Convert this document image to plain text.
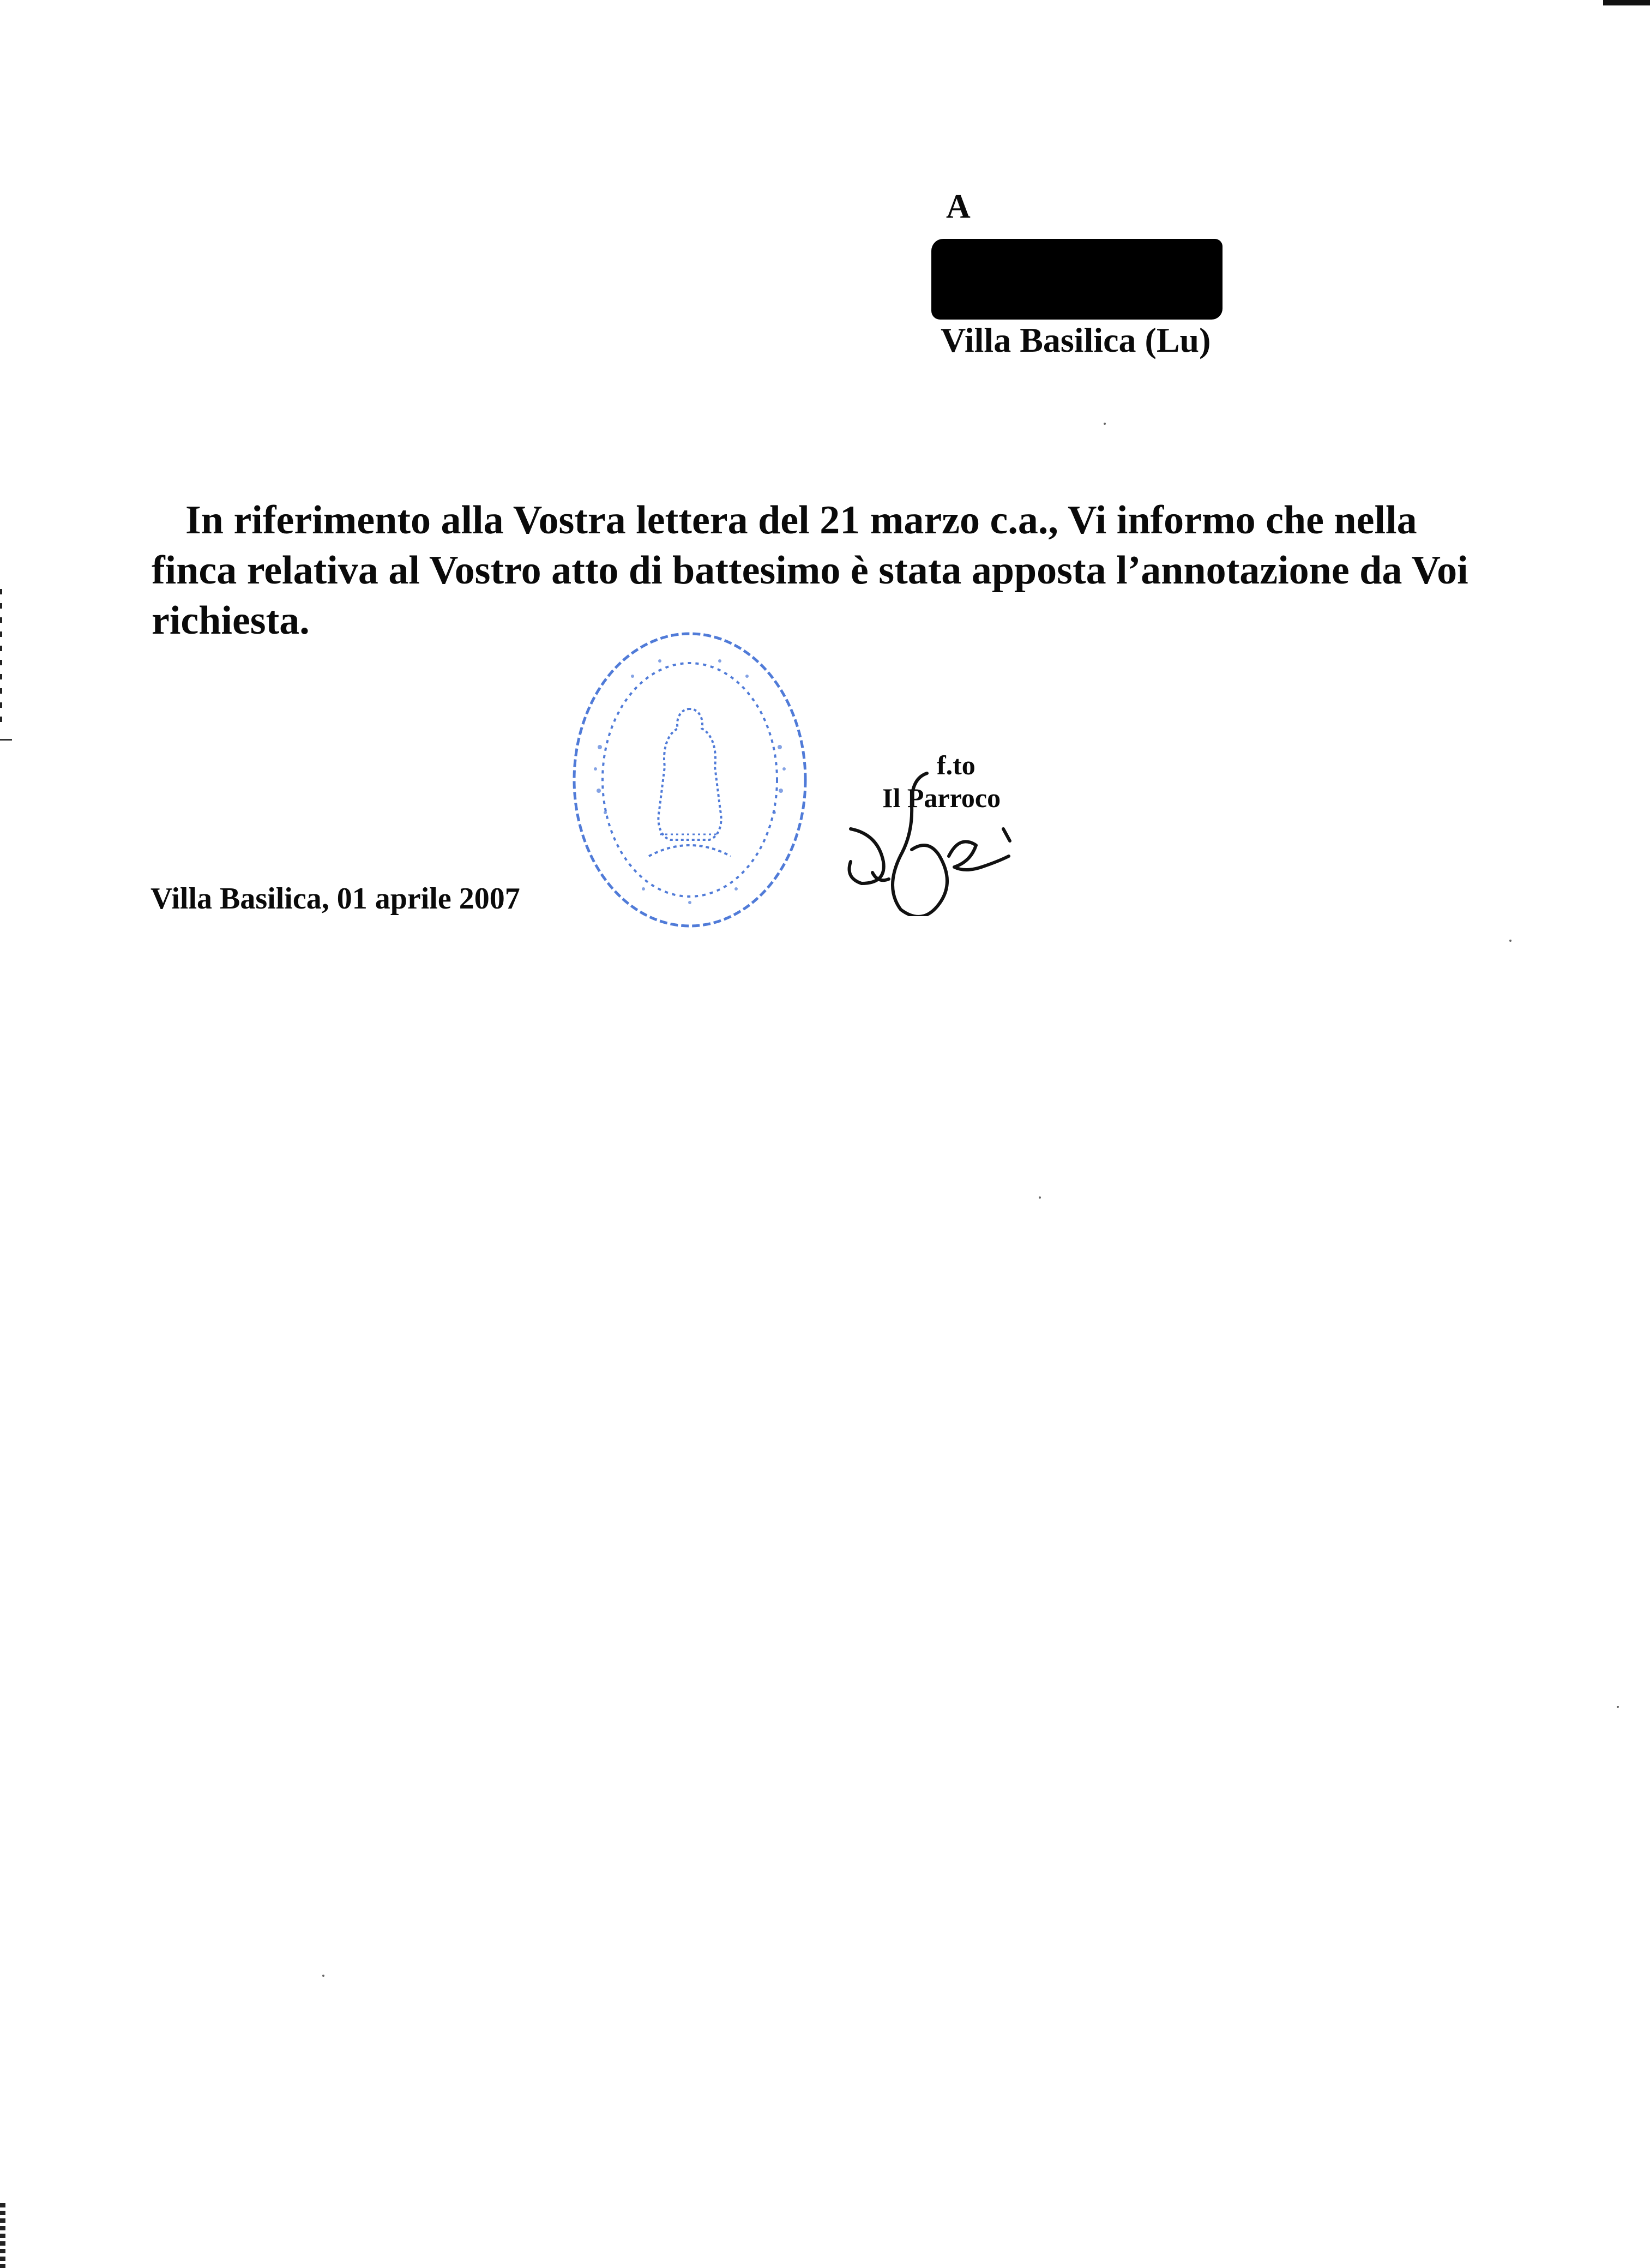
A
Villa Basilica (Lu)
In riferimento alla Vostra lettera del 21 marzo c.a., Vi informo che nella finca relativa al Vostro atto di battesimo è stata apposta l’annotazione da Voi richiesta.
Villa Basilica, 01 aprile 2007
f.to
Il Parroco
